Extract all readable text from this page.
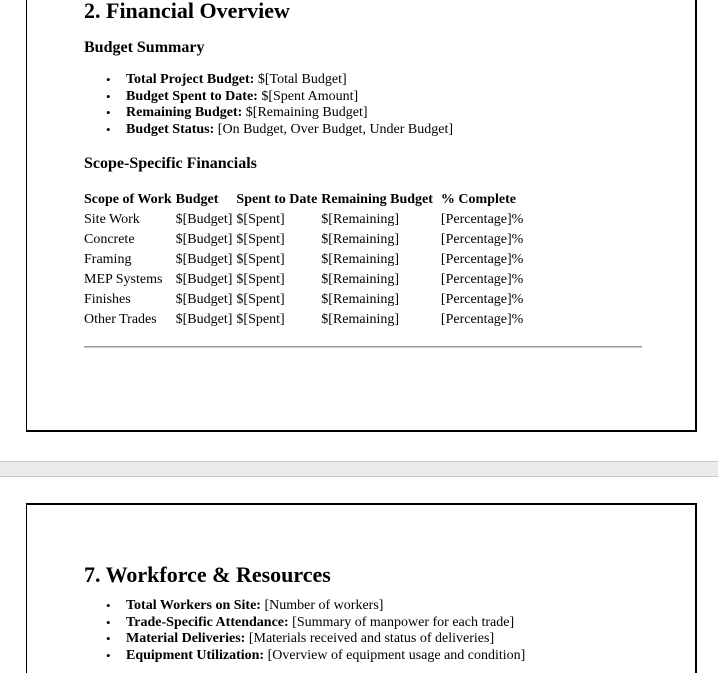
2. Financial Overview
Budget Summary
• Total Project Budget: $[Total Budget]
• Budget Spent to Date: $[Spent Amount]
• Remaining Budget: $[Remaining Budget]
• Budget Status: [On Budget, Over Budget, Under Budget]
Scope-Specific Financials
Scope of Work	Budget	Spent to Date	Remaining Budget	% Complete
Site Work	$[Budget]	$[Spent]	$[Remaining]	[Percentage]%
Concrete	$[Budget]	$[Spent]	$[Remaining]	[Percentage]%
Framing	$[Budget]	$[Spent]	$[Remaining]	[Percentage]%
MEP Systems	$[Budget]	$[Spent]	$[Remaining]	[Percentage]%
Finishes	$[Budget]	$[Spent]	$[Remaining]	[Percentage]%
Other Trades	$[Budget]	$[Spent]	$[Remaining]	[Percentage]%
7. Workforce & Resources
• Total Workers on Site: [Number of workers]
• Trade-Specific Attendance: [Summary of manpower for each trade]
• Material Deliveries: [Materials received and status of deliveries]
• Equipment Utilization: [Overview of equipment usage and condition]
